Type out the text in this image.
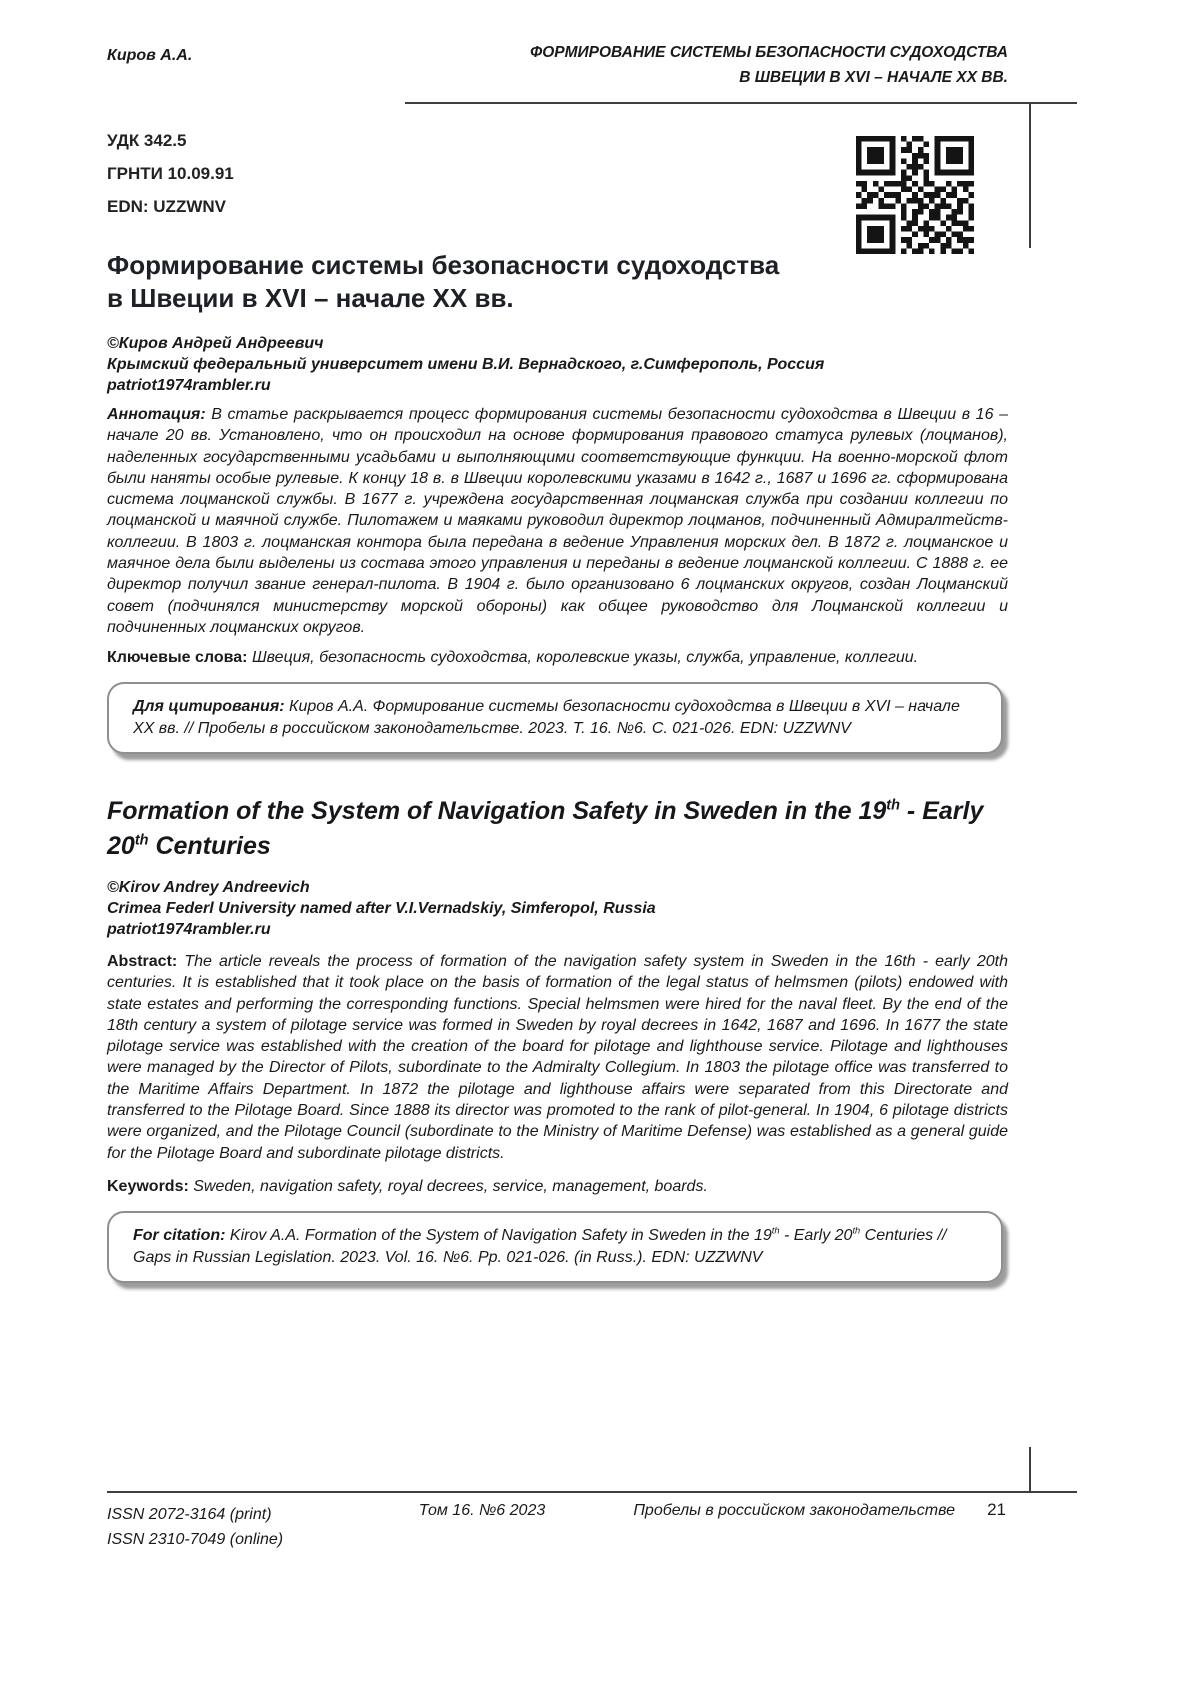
Киров А.А.	ФОРМИРОВАНИЕ СИСТЕМЫ БЕЗОПАСНОСТИ СУДОХОДСТВА
В ШВЕЦИИ В XVI – НАЧАЛЕ XX ВВ.
УДК 342.5
ГРНТИ 10.09.91
EDN: UZZWNV
Формирование системы безопасности судоходства
в Швеции в XVI – начале XX вв.
©Киров Андрей Андреевич
Крымский федеральный университет имени В.И. Вернадского, г.Симферополь, Россия
patriot1974rambler.ru

Аннотация: В статье раскрывается процесс формирования системы безопасности судоходства в Швеции в 16 – начале 20 вв. Установлено, что он происходил на основе формирования правового статуса рулевых (лоцманов), наделенных государственными усадьбами и выполняющими соответствующие функции. На военно-морской флот были наняты особые рулевые. К концу 18 в. в Швеции королевскими указами в 1642 г., 1687 и 1696 гг. сформирована система лоцманской службы. В 1677 г. учреждена государственная лоцманская служба при создании коллегии по лоцманской и маячной службе. Пилотажем и маяками руководил директор лоцманов, подчиненный Адмиралтейств-коллегии. В 1803 г. лоцманская контора была передана в ведение Управления морских дел. В 1872 г. лоцманское и маячное дела были выделены из состава этого управления и переданы в ведение лоцманской коллегии. С 1888 г. ее директор получил звание генерал-пилота. В 1904 г. было организовано 6 лоцманских округов, создан Лоцманский совет (подчинялся министерству морской обороны) как общее руководство для Лоцманской коллегии и подчиненных лоцманских округов.

Ключевые слова: Швеция, безопасность судоходства, королевские указы, служба, управление, коллегии.

Для цитирования: Киров А.А. Формирование системы безопасности судоходства в Швеции в XVI – начале XX вв. // Пробелы в российском законодательстве. 2023. Т. 16. №6. С. 021-026. EDN: UZZWNV
Formation of the System of Navigation Safety in Sweden in the 19th - Early 20th Centuries
©Kirov Andrey Andreevich
Crimea Federl University named after V.I.Vernadskiy, Simferopol, Russia
patriot1974rambler.ru

Abstract: The article reveals the process of formation of the navigation safety system in Sweden in the 16th - early 20th centuries. It is established that it took place on the basis of formation of the legal status of helmsmen (pilots) endowed with state estates and performing the corresponding functions. Special helmsmen were hired for the naval fleet. By the end of the 18th century a system of pilotage service was formed in Sweden by royal decrees in 1642, 1687 and 1696. In 1677 the state pilotage service was established with the creation of the board for pilotage and lighthouse service. Pilotage and lighthouses were managed by the Director of Pilots, subordinate to the Admiralty Collegium. In 1803 the pilotage office was transferred to the Maritime Affairs Department. In 1872 the pilotage and lighthouse affairs were separated from this Directorate and transferred to the Pilotage Board. Since 1888 its director was promoted to the rank of pilot-general. In 1904, 6 pilotage districts were organized, and the Pilotage Council (subordinate to the Ministry of Maritime Defense) was established as a general guide for the Pilotage Board and subordinate pilotage districts.

Keywords: Sweden, navigation safety, royal decrees, service, management, boards.

For citation: Kirov A.A. Formation of the System of Navigation Safety in Sweden in the 19th - Early 20th Centuries // Gaps in Russian Legislation. 2023. Vol. 16. №6. Pp. 021-026. (in Russ.). EDN: UZZWNV
ISSN 2072-3164 (print)
ISSN 2310-7049 (online)
Том 16. №6 2023	Пробелы в российском законодательстве 21
